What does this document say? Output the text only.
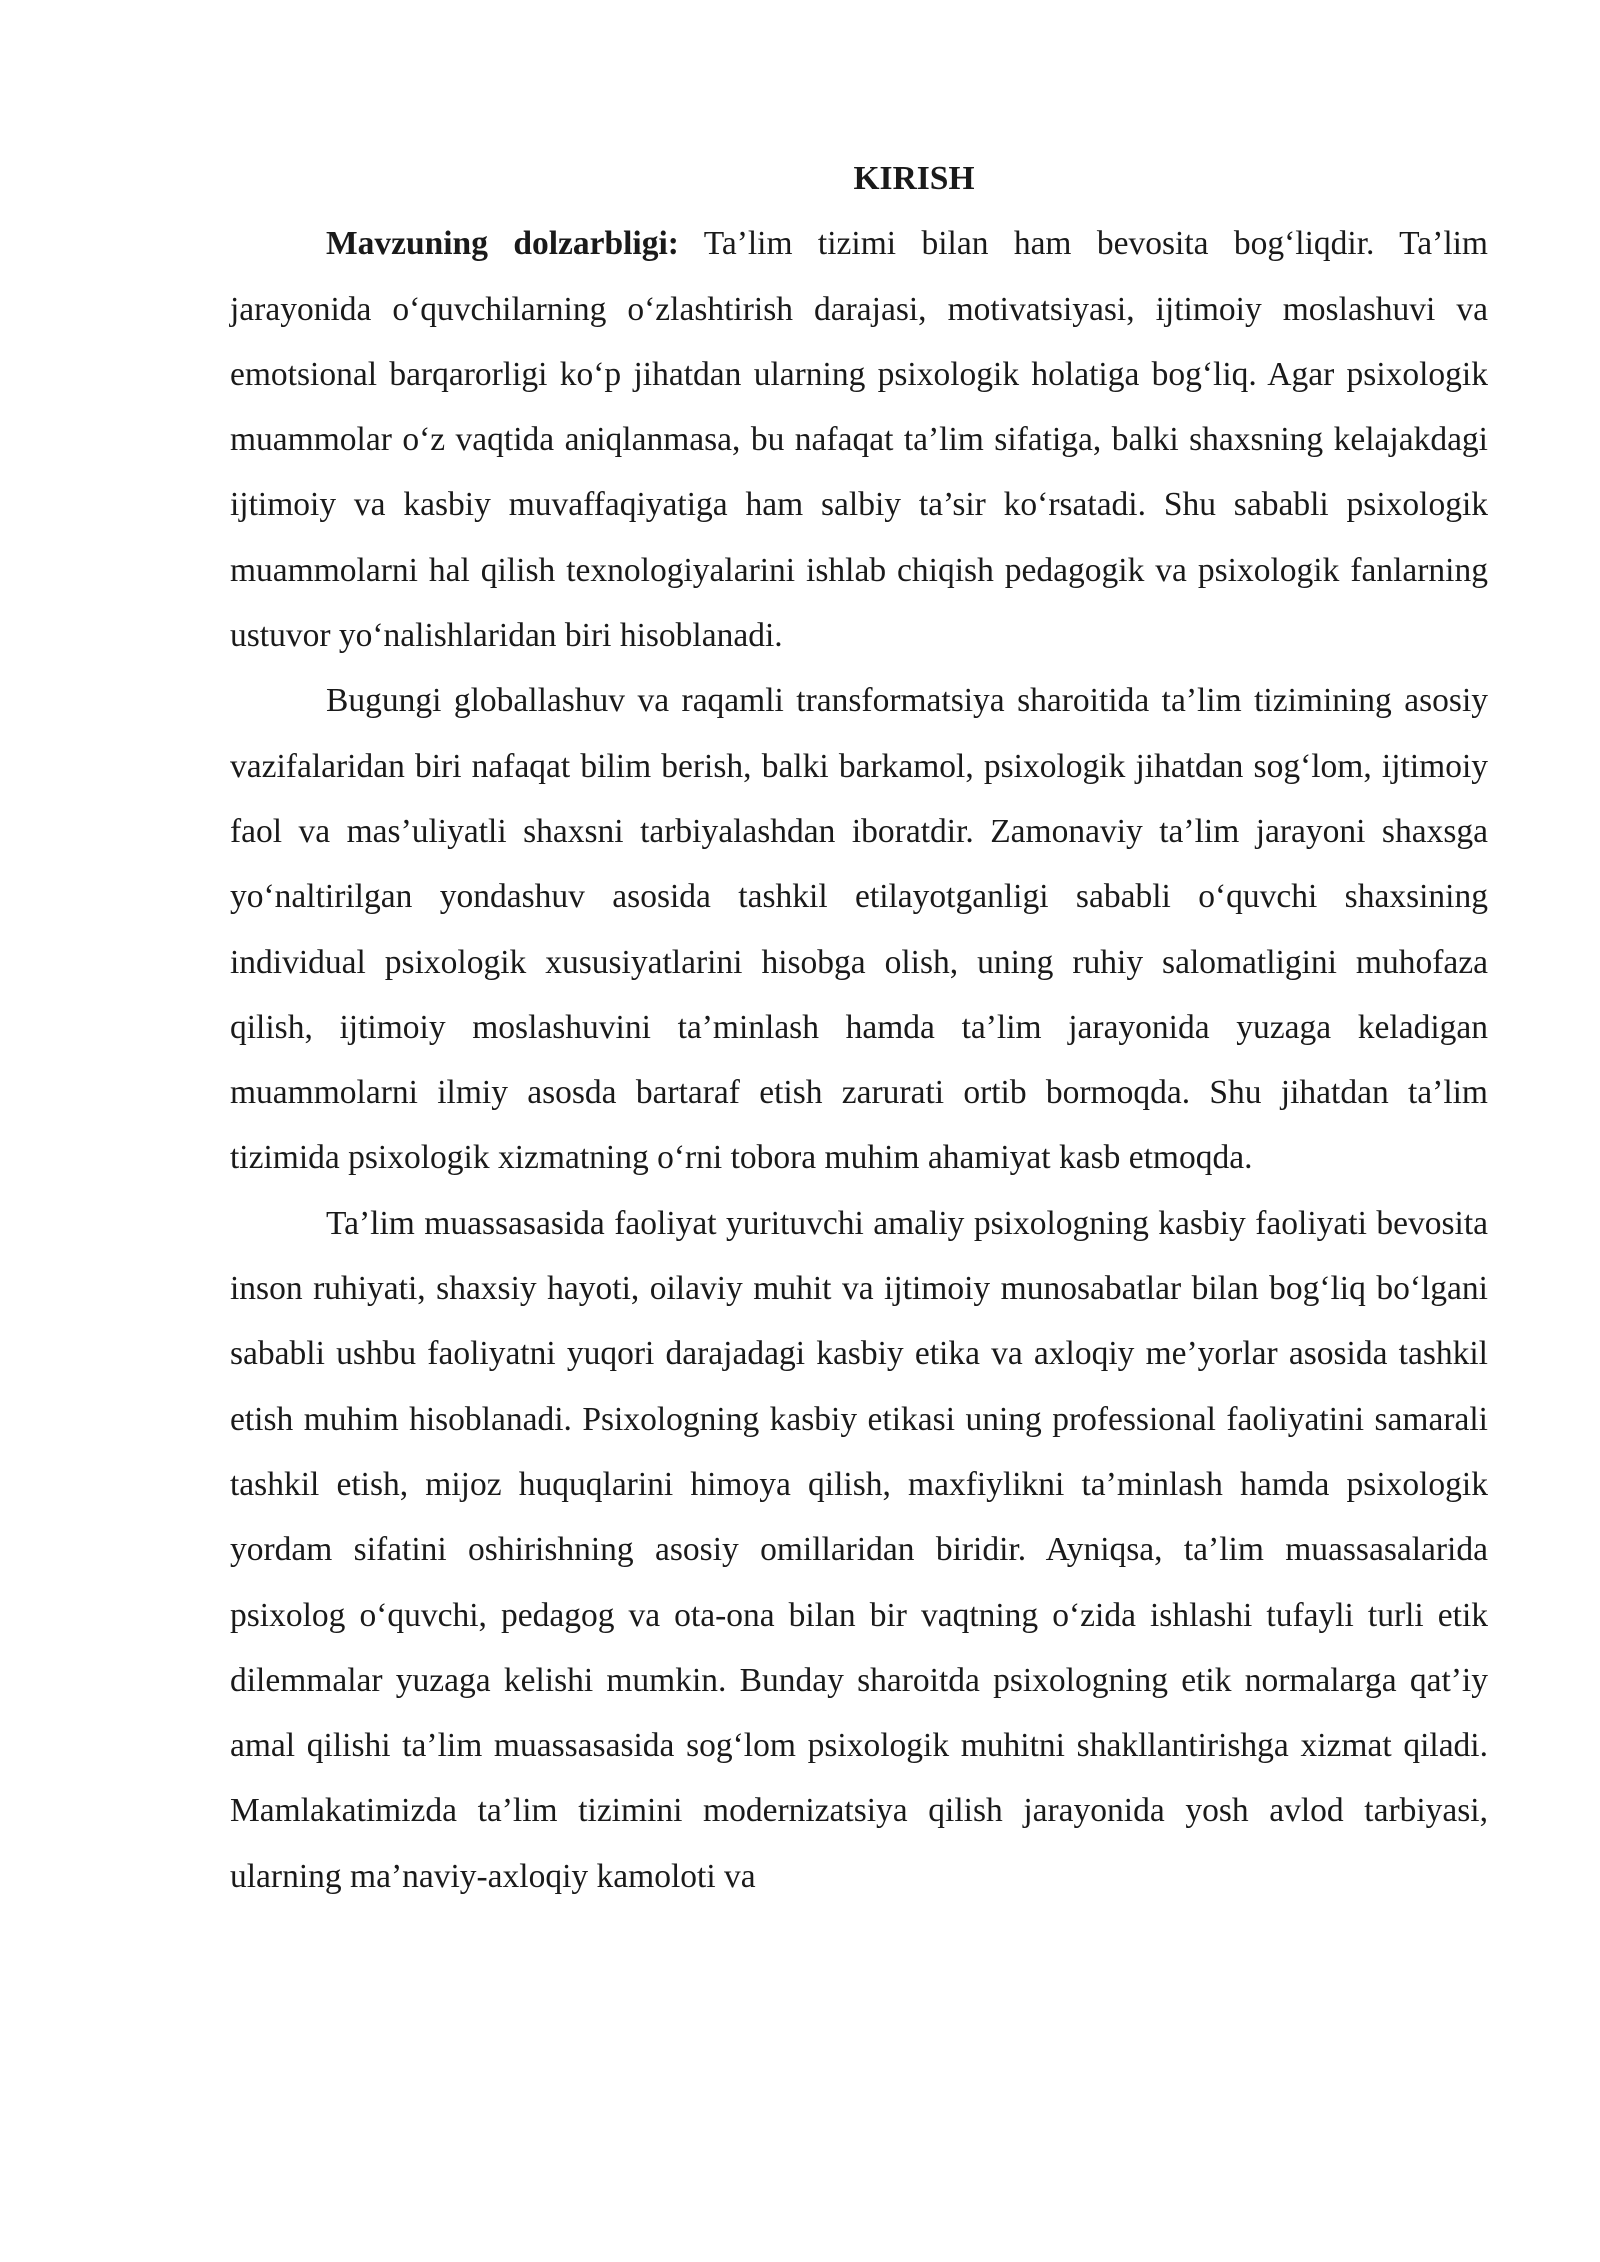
KIRISH

Mavzuning dolzarbligi: Ta’lim tizimi bilan ham bevosita bog‘liqdir. Ta’lim jarayonida o‘quvchilarning o‘zlashtirish darajasi, motivatsiyasi, ijtimoiy moslashuvi va emotsional barqarorligi ko‘p jihatdan ularning psixologik holatiga bog‘liq. Agar psixologik muammolar o‘z vaqtida aniqlanmasa, bu nafaqat ta’lim sifatiga, balki shaxsning kelajakdagi ijtimoiy va kasbiy muvaffaqiyatiga ham salbiy ta’sir ko‘rsatadi. Shu sababli psixologik muammolarni hal qilish texnologiyalarini ishlab chiqish pedagogik va psixologik fanlarning ustuvor yo‘nalishlaridan biri hisoblanadi.

Bugungi globallashuv va raqamli transformatsiya sharoitida ta’lim tizimining asosiy vazifalaridan biri nafaqat bilim berish, balki barkamol, psixologik jihatdan sog‘lom, ijtimoiy faol va mas’uliyatli shaxsni tarbiyalashdan iboratdir. Zamonaviy ta’lim jarayoni shaxsga yo‘naltirilgan yondashuv asosida tashkil etilayotganligi sababli o‘quvchi shaxsining individual psixologik xususiyatlarini hisobga olish, uning ruhiy salomatligini muhofaza qilish, ijtimoiy moslashuvini ta’minlash hamda ta’lim jarayonida yuzaga keladigan muammolarni ilmiy asosda bartaraf etish zarurati ortib bormoqda. Shu jihatdan ta’lim tizimida psixologik xizmatning o‘rni tobora muhim ahamiyat kasb etmoqda.

Ta’lim muassasasida faoliyat yurituvchi amaliy psixologning kasbiy faoliyati bevosita inson ruhiyati, shaxsiy hayoti, oilaviy muhit va ijtimoiy munosabatlar bilan bog‘liq bo‘lgani sababli ushbu faoliyatni yuqori darajadagi kasbiy etika va axloqiy me’yorlar asosida tashkil etish muhim hisoblanadi. Psixologning kasbiy etikasi uning professional faoliyatini samarali tashkil etish, mijoz huquqlarini himoya qilish, maxfiylikni ta’minlash hamda psixologik yordam sifatini oshirishning asosiy omillaridan biridir. Ayniqsa, ta’lim muassasalarida psixolog o‘quvchi, pedagog va ota-ona bilan bir vaqtning o‘zida ishlashi tufayli turli etik dilemmalar yuzaga kelishi mumkin. Bunday sharoitda psixologning etik normalarga qat’iy amal qilishi ta’lim muassasasida sog‘lom psixologik muhitni shakllantirishga xizmat qiladi. Mamlakatimizda ta’lim tizimini modernizatsiya qilish jarayonida yosh avlod tarbiyasi, ularning ma’naviy-axloqiy kamoloti va
